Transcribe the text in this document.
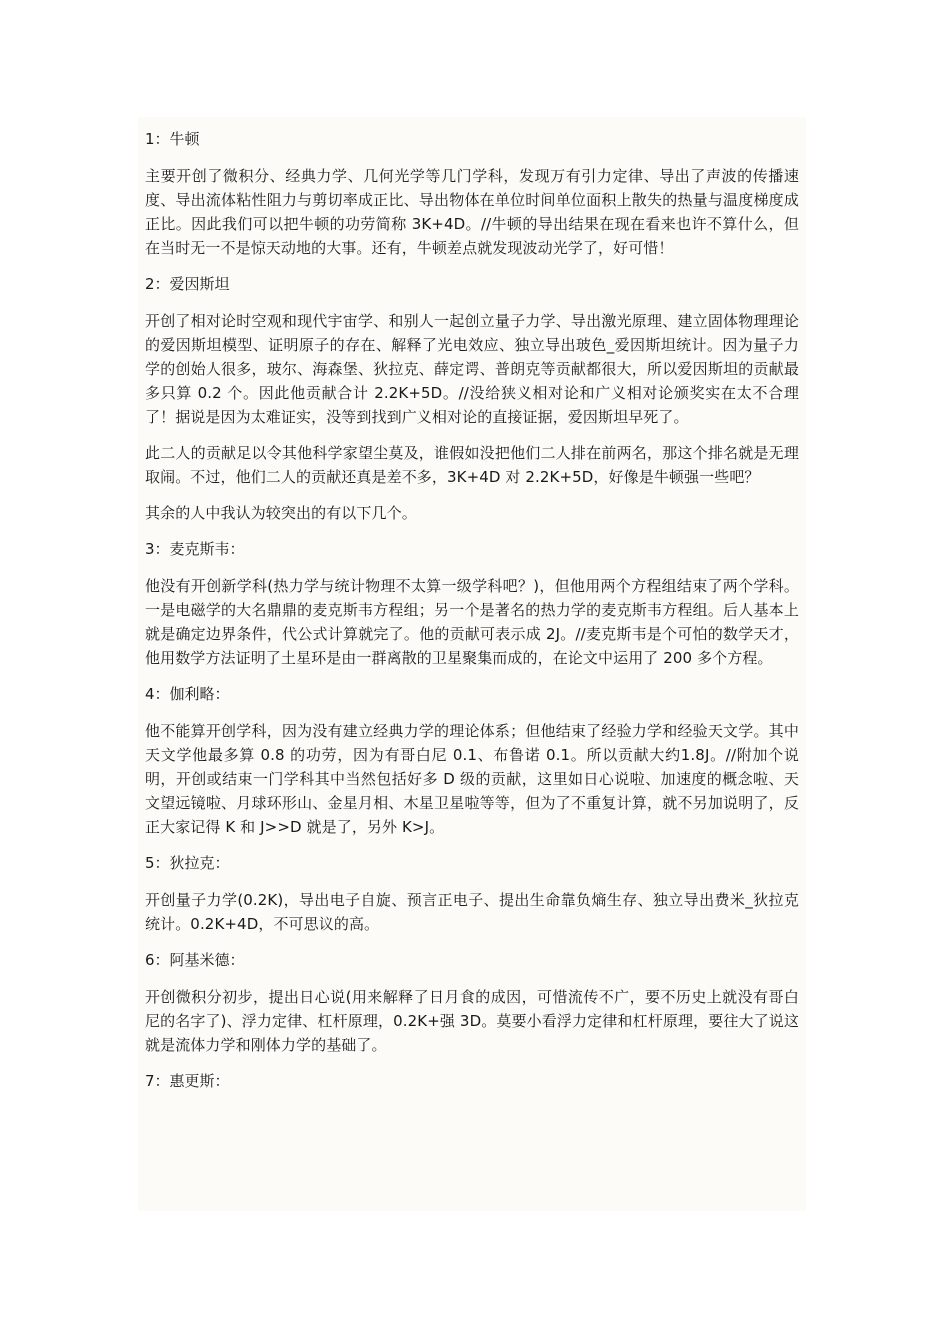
1：牛顿

主要开创了微积分、经典力学、几何光学等几门学科，发现万有引力定律、导出了声波的传播速度、导出流体粘性阻力与剪切率成正比、导出物体在单位时间单位面积上散失的热量与温度梯度成正比。因此我们可以把牛顿的功劳简称 3K+4D。//牛顿的导出结果在现在看来也许不算什么，但在当时无一不是惊天动地的大事。还有，牛顿差点就发现波动光学了，好可惜！

2：爱因斯坦

开创了相对论时空观和现代宇宙学、和别人一起创立量子力学、导出激光原理、建立固体物理理论的爱因斯坦模型、证明原子的存在、解释了光电效应、独立导出玻色_爱因斯坦统计。因为量子力学的创始人很多，玻尔、海森堡、狄拉克、薛定谔、普朗克等贡献都很大，所以爱因斯坦的贡献最多只算 0.2 个。因此他贡献合计 2.2K+5D。//没给狭义相对论和广义相对论颁奖实在太不合理了！据说是因为太难证实，没等到找到广义相对论的直接证据，爱因斯坦早死了。

此二人的贡献足以令其他科学家望尘莫及，谁假如没把他们二人排在前两名，那这个排名就是无理取闹。不过，他们二人的贡献还真是差不多，3K+4D 对 2.2K+5D，好像是牛顿强一些吧？

其余的人中我认为较突出的有以下几个。

3：麦克斯韦：

他没有开创新学科(热力学与统计物理不太算一级学科吧？)，但他用两个方程组结束了两个学科。一是电磁学的大名鼎鼎的麦克斯韦方程组；另一个是著名的热力学的麦克斯韦方程组。后人基本上就是确定边界条件，代公式计算就完了。他的贡献可表示成 2J。//麦克斯韦是个可怕的数学天才，他用数学方法证明了土星环是由一群离散的卫星聚集而成的，在论文中运用了 200 多个方程。

4：伽利略：

他不能算开创学科，因为没有建立经典力学的理论体系；但他结束了经验力学和经验天文学。其中天文学他最多算 0.8 的功劳，因为有哥白尼 0.1、布鲁诺 0.1。所以贡献大约1.8J。//附加个说明，开创或结束一门学科其中当然包括好多 D 级的贡献，这里如日心说啦、加速度的概念啦、天文望远镜啦、月球环形山、金星月相、木星卫星啦等等，但为了不重复计算，就不另加说明了，反正大家记得 K 和 J>>D 就是了，另外 K>J。

5：狄拉克：

开创量子力学(0.2K)，导出电子自旋、预言正电子、提出生命靠负熵生存、独立导出费米_狄拉克统计。0.2K+4D，不可思议的高。

6：阿基米德：

开创微积分初步，提出日心说(用来解释了日月食的成因，可惜流传不广，要不历史上就没有哥白尼的名字了)、浮力定律、杠杆原理，0.2K+强 3D。莫要小看浮力定律和杠杆原理，要往大了说这就是流体力学和刚体力学的基础了。

7：惠更斯：
